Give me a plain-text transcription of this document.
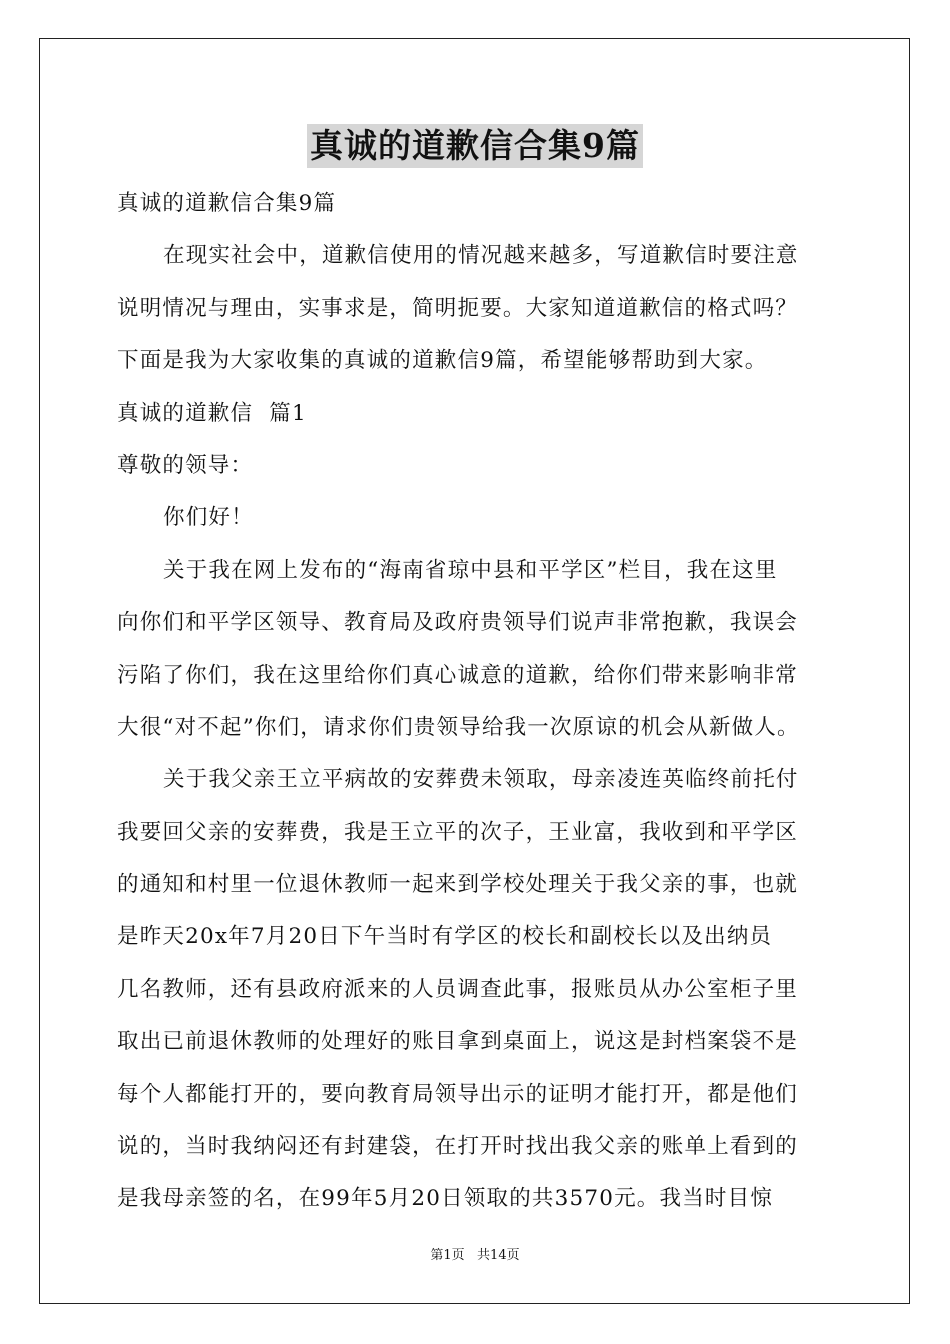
真诚的道歉信合集9篇
真诚的道歉信合集9篇
在现实社会中，道歉信使用的情况越来越多，写道歉信时要注意
说明情况与理由，实事求是，简明扼要。大家知道道歉信的格式吗？
下面是我为大家收集的真诚的道歉信9篇，希望能够帮助到大家。
真诚的道歉信  篇1
尊敬的领导：
你们好！
关于我在网上发布的“海南省琼中县和平学区”栏目，我在这里
向你们和平学区领导、教育局及政府贵领导们说声非常抱歉，我误会
污陷了你们，我在这里给你们真心诚意的道歉，给你们带来影响非常
大很“对不起”你们，请求你们贵领导给我一次原谅的机会从新做人。
关于我父亲王立平病故的安葬费未领取，母亲凌连英临终前托付
我要回父亲的安葬费，我是王立平的次子，王业富，我收到和平学区
的通知和村里一位退休教师一起来到学校处理关于我父亲的事，也就
是昨天20x年7月20日下午当时有学区的校长和副校长以及出纳员
几名教师，还有县政府派来的人员调查此事，报账员从办公室柜子里
取出已前退休教师的处理好的账目拿到桌面上，说这是封档案袋不是
每个人都能打开的，要向教育局领导出示的证明才能打开，都是他们
说的，当时我纳闷还有封建袋，在打开时找出我父亲的账单上看到的
是我母亲签的名，在99年5月20日领取的共3570元。我当时目惊
第1页   共14页
